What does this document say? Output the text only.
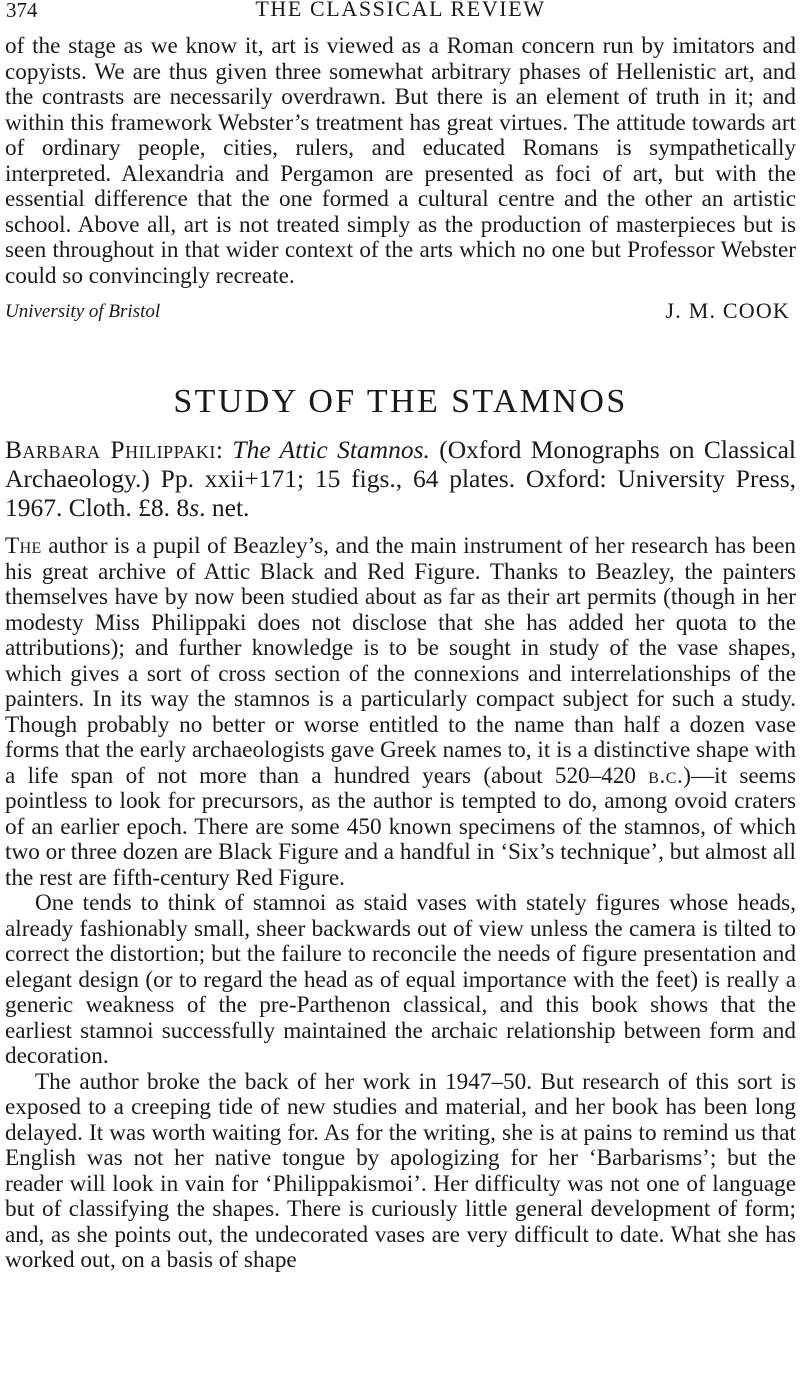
374	THE CLASSICAL REVIEW

of the stage as we know it, art is viewed as a Roman concern run by imitators and copyists. We are thus given three somewhat arbitrary phases of Hellenistic art, and the contrasts are necessarily overdrawn. But there is an element of truth in it; and within this framework Webster’s treatment has great virtues. The attitude towards art of ordinary people, cities, rulers, and educated Romans is sympathetically interpreted. Alexandria and Pergamon are presented as foci of art, but with the essential difference that the one formed a cultural centre and the other an artistic school. Above all, art is not treated simply as the production of masterpieces but is seen throughout in that wider context of the arts which no one but Professor Webster could so convincingly recreate.

University of Bristol	J. M. COOK
STUDY OF THE STAMNOS

Barbara Philippaki: The Attic Stamnos. (Oxford Monographs on Classical Archaeology.) Pp. xxii+171; 15 figs., 64 plates. Oxford: University Press, 1967. Cloth. £8. 8s. net.

The author is a pupil of Beazley’s, and the main instrument of her research has been his great archive of Attic Black and Red Figure. Thanks to Beazley, the painters themselves have by now been studied about as far as their art permits (though in her modesty Miss Philippaki does not disclose that she has added her quota to the attributions); and further knowledge is to be sought in study of the vase shapes, which gives a sort of cross section of the connexions and interrelationships of the painters. In its way the stamnos is a particularly compact subject for such a study. Though probably no better or worse entitled to the name than half a dozen vase forms that the early archaeologists gave Greek names to, it is a distinctive shape with a life span of not more than a hundred years (about 520–420 b.c.)—it seems pointless to look for precursors, as the author is tempted to do, among ovoid craters of an earlier epoch. There are some 450 known specimens of the stamnos, of which two or three dozen are Black Figure and a handful in ‘Six’s technique’, but almost all the rest are fifth-century Red Figure.

One tends to think of stamnoi as staid vases with stately figures whose heads, already fashionably small, sheer backwards out of view unless the camera is tilted to correct the distortion; but the failure to reconcile the needs of figure presentation and elegant design (or to regard the head as of equal importance with the feet) is really a generic weakness of the pre-Parthenon classical, and this book shows that the earliest stamnoi successfully maintained the archaic relationship between form and decoration.

The author broke the back of her work in 1947–50. But research of this sort is exposed to a creeping tide of new studies and material, and her book has been long delayed. It was worth waiting for. As for the writing, she is at pains to remind us that English was not her native tongue by apologizing for her ‘Barbarisms’; but the reader will look in vain for ‘Philippakismoi’. Her difficulty was not one of language but of classifying the shapes. There is curiously little general development of form; and, as she points out, the undecorated vases are very difficult to date. What she has worked out, on a basis of shape
